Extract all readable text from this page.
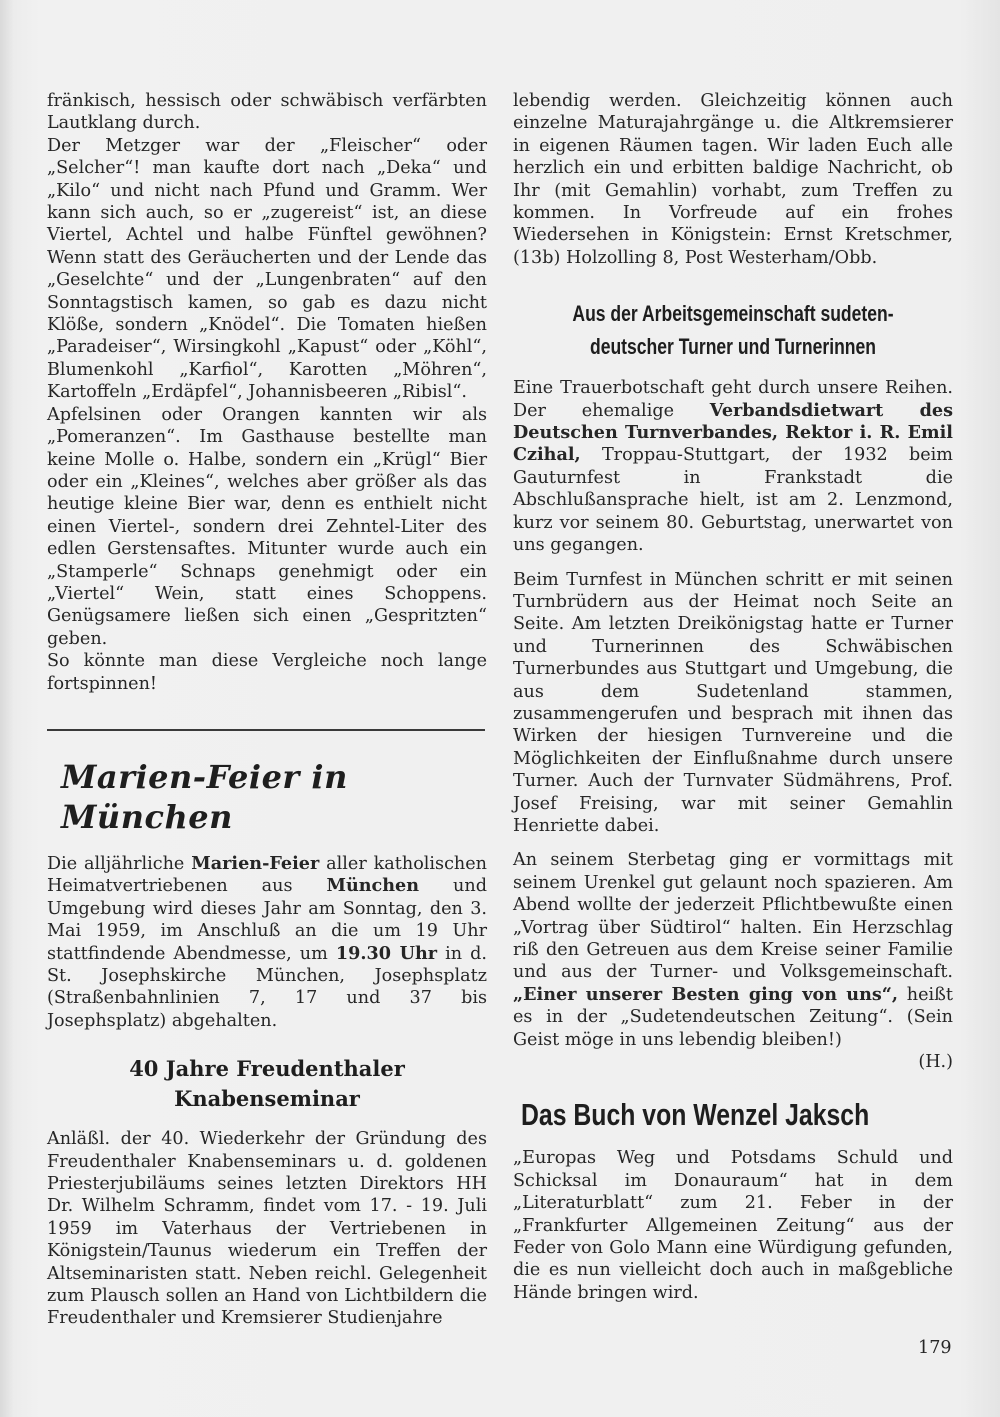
fränkisch, hessisch oder schwäbisch verfärbten Lautklang durch.

Der Metzger war der „Fleischer“ oder „Selcher“! man kaufte dort nach „Deka“ und „Kilo“ und nicht nach Pfund und Gramm. Wer kann sich auch, so er „zugereist“ ist, an diese Viertel, Achtel und halbe Fünftel gewöhnen? Wenn statt des Geräucherten und der Lende das „Geselchte“ und der „Lungenbraten“ auf den Sonntagstisch kamen, so gab es dazu nicht Klöße, sondern „Knödel“. Die Tomaten hießen „Paradeiser“, Wirsingkohl „Kapust“ oder „Köhl“, Blumenkohl „Karfiol“, Karotten „Möhren“, Kartoffeln „Erdäpfel“, Johannisbeeren „Ribisl“.

Apfelsinen oder Orangen kannten wir als „Pomeranzen“. Im Gasthause bestellte man keine Molle o. Halbe, sondern ein „Krügl“ Bier oder ein „Kleines“, welches aber größer als das heutige kleine Bier war, denn es enthielt nicht einen Viertel-, sondern drei Zehntel-Liter des edlen Gerstensaftes. Mitunter wurde auch ein „Stamperle“ Schnaps genehmigt oder ein „Viertel“ Wein, statt eines Schoppens. Genügsamere ließen sich einen „Gespritzten“ geben.

So könnte man diese Vergleiche noch lange fortspinnen!

Marien-Feier in München

Die alljährliche Marien-Feier aller katholischen Heimatvertriebenen aus München und Umgebung wird dieses Jahr am Sonntag, den 3. Mai 1959, im Anschluß an die um 19 Uhr stattfindende Abendmesse, um 19.30 Uhr in d. St. Josephskirche München, Josephsplatz (Straßenbahnlinien 7, 17 und 37 bis Josephsplatz) abgehalten.

40 Jahre Freudenthaler
Knabenseminar

Anläßl. der 40. Wiederkehr der Gründung des Freudenthaler Knabenseminars u. d. goldenen Priesterjubiläums seines letzten Direktors HH Dr. Wilhelm Schramm, findet vom 17. - 19. Juli 1959 im Vaterhaus der Vertriebenen in Königstein/Taunus wiederum ein Treffen der Altseminaristen statt. Neben reichl. Gelegenheit zum Plausch sollen an Hand von Lichtbildern die Freudenthaler und Kremsierer Studienjahre

lebendig werden. Gleichzeitig können auch einzelne Maturajahrgänge u. die Altkremsierer in eigenen Räumen tagen. Wir laden Euch alle herzlich ein und erbitten baldige Nachricht, ob Ihr (mit Gemahlin) vorhabt, zum Treffen zu kommen. In Vorfreude auf ein frohes Wiedersehen in Königstein: Ernst Kretschmer, (13b) Holzolling 8, Post Westerham/Obb.

Aus der Arbeitsgemeinschaft sudeten-
deutscher Turner und Turnerinnen

Eine Trauerbotschaft geht durch unsere Reihen. Der ehemalige Verbandsdietwart des Deutschen Turnverbandes, Rektor i. R. Emil Czihal, Troppau-Stuttgart, der 1932 beim Gauturnfest in Frankstadt die Abschlußansprache hielt, ist am 2. Lenzmond, kurz vor seinem 80. Geburtstag, unerwartet von uns gegangen.

Beim Turnfest in München schritt er mit seinen Turnbrüdern aus der Heimat noch Seite an Seite. Am letzten Dreikönigstag hatte er Turner und Turnerinnen des Schwäbischen Turnerbundes aus Stuttgart und Umgebung, die aus dem Sudetenland stammen, zusammengerufen und besprach mit ihnen das Wirken der hiesigen Turnvereine und die Möglichkeiten der Einflußnahme durch unsere Turner. Auch der Turnvater Südmährens, Prof. Josef Freising, war mit seiner Gemahlin Henriette dabei.

An seinem Sterbetag ging er vormittags mit seinem Urenkel gut gelaunt noch spazieren. Am Abend wollte der jederzeit Pflichtbewußte einen „Vortrag über Südtirol“ halten. Ein Herzschlag riß den Getreuen aus dem Kreise seiner Familie und aus der Turner- und Volksgemeinschaft. „Einer unserer Besten ging von uns“, heißt es in der „Sudetendeutschen Zeitung“. (Sein Geist möge in uns lebendig bleiben!)

(H.)

Das Buch von Wenzel Jaksch

„Europas Weg und Potsdams Schuld und Schicksal im Donauraum“ hat in dem „Literaturblatt“ zum 21. Feber in der „Frankfurter Allgemeinen Zeitung“ aus der Feder von Golo Mann eine Würdigung gefunden, die es nun vielleicht doch auch in maßgebliche Hände bringen wird.

179
